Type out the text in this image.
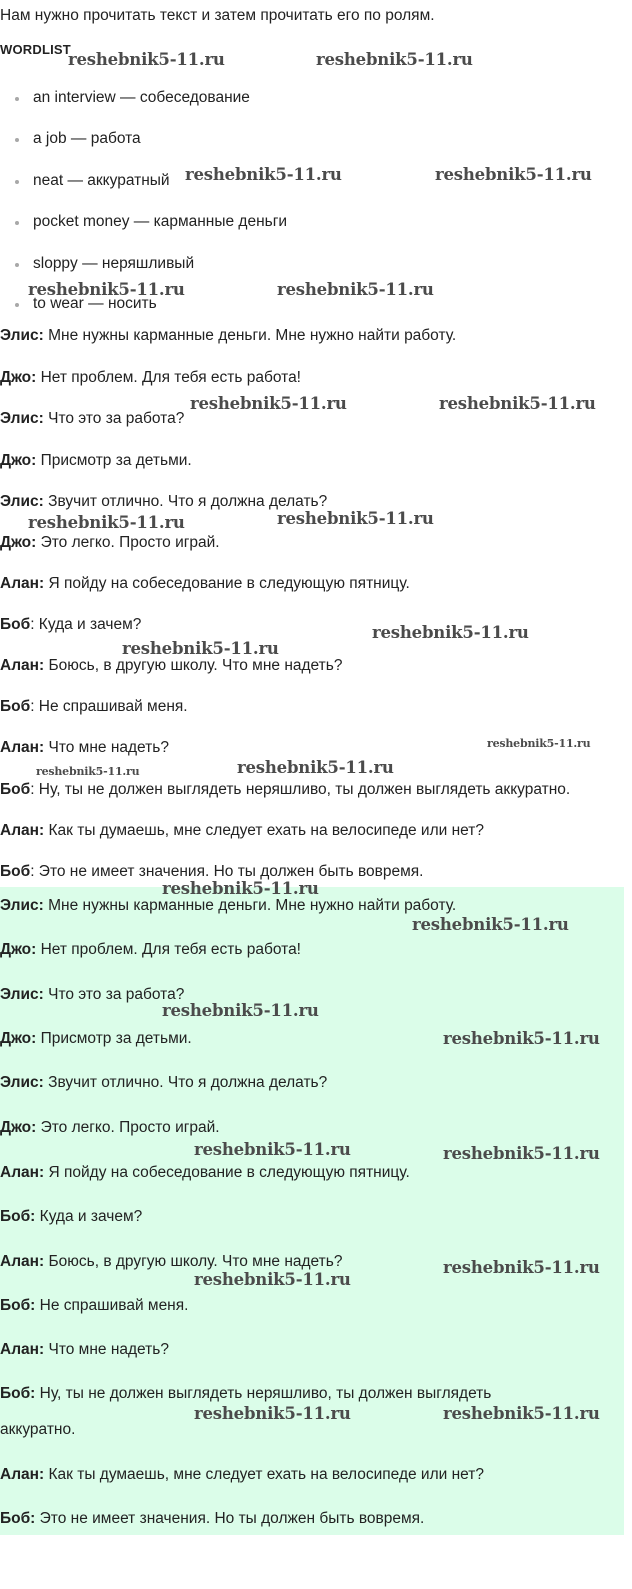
Нам нужно прочитать текст и затем прочитать его по ролям.
WORDLIST
an interview — собеседование
a job — работа
neat — аккуратный
pocket money — карманные деньги
sloppy — неряшливый
to wear — носить
Элис: Мне нужны карманные деньги. Мне нужно найти работу.
Джо: Нет проблем. Для тебя есть работа!
Элис: Что это за работа?
Джо: Присмотр за детьми.
Элис: Звучит отлично. Что я должна делать?
Джо: Это легко. Просто играй.
Алан: Я пойду на собеседование в следующую пятницу.
Боб: Куда и зачем?
Алан: Боюсь, в другую школу. Что мне надеть?
Боб: Не спрашивай меня.
Алан: Что мне надеть?
Боб: Ну, ты не должен выглядеть неряшливо, ты должен выглядеть аккуратно.
Алан: Как ты думаешь, мне следует ехать на велосипеде или нет?
Боб: Это не имеет значения. Но ты должен быть вовремя.
Элис: Мне нужны карманные деньги. Мне нужно найти работу.
Джо: Нет проблем. Для тебя есть работа!
Элис: Что это за работа?
Джо: Присмотр за детьми.
Элис: Звучит отлично. Что я должна делать?
Джо: Это легко. Просто играй.
Алан: Я пойду на собеседование в следующую пятницу.
Боб: Куда и зачем?
Алан: Боюсь, в другую школу. Что мне надеть?
Боб: Не спрашивай меня.
Алан: Что мне надеть?
Боб: Ну, ты не должен выглядеть неряшливо, ты должен выглядеть
аккуратно.
Алан: Как ты думаешь, мне следует ехать на велосипеде или нет?
Боб: Это не имеет значения. Но ты должен быть вовремя.
reshebnik5-11.ru	reshebnik5-11.ru
reshebnik5-11.ru	reshebnik5-11.ru
reshebnik5-11.ru	reshebnik5-11.ru
reshebnik5-11.ru	reshebnik5-11.ru
reshebnik5-11.ru	reshebnik5-11.ru
reshebnik5-11.ru
reshebnik5-11.ru
reshebnik5-11.ru
reshebnik5-11.ru	reshebnik5-11.ru
reshebnik5-11.ru
reshebnik5-11.ru
reshebnik5-11.ru
reshebnik5-11.ru
reshebnik5-11.ru	reshebnik5-11.ru
reshebnik5-11.ru
reshebnik5-11.ru
reshebnik5-11.ru	reshebnik5-11.ru
